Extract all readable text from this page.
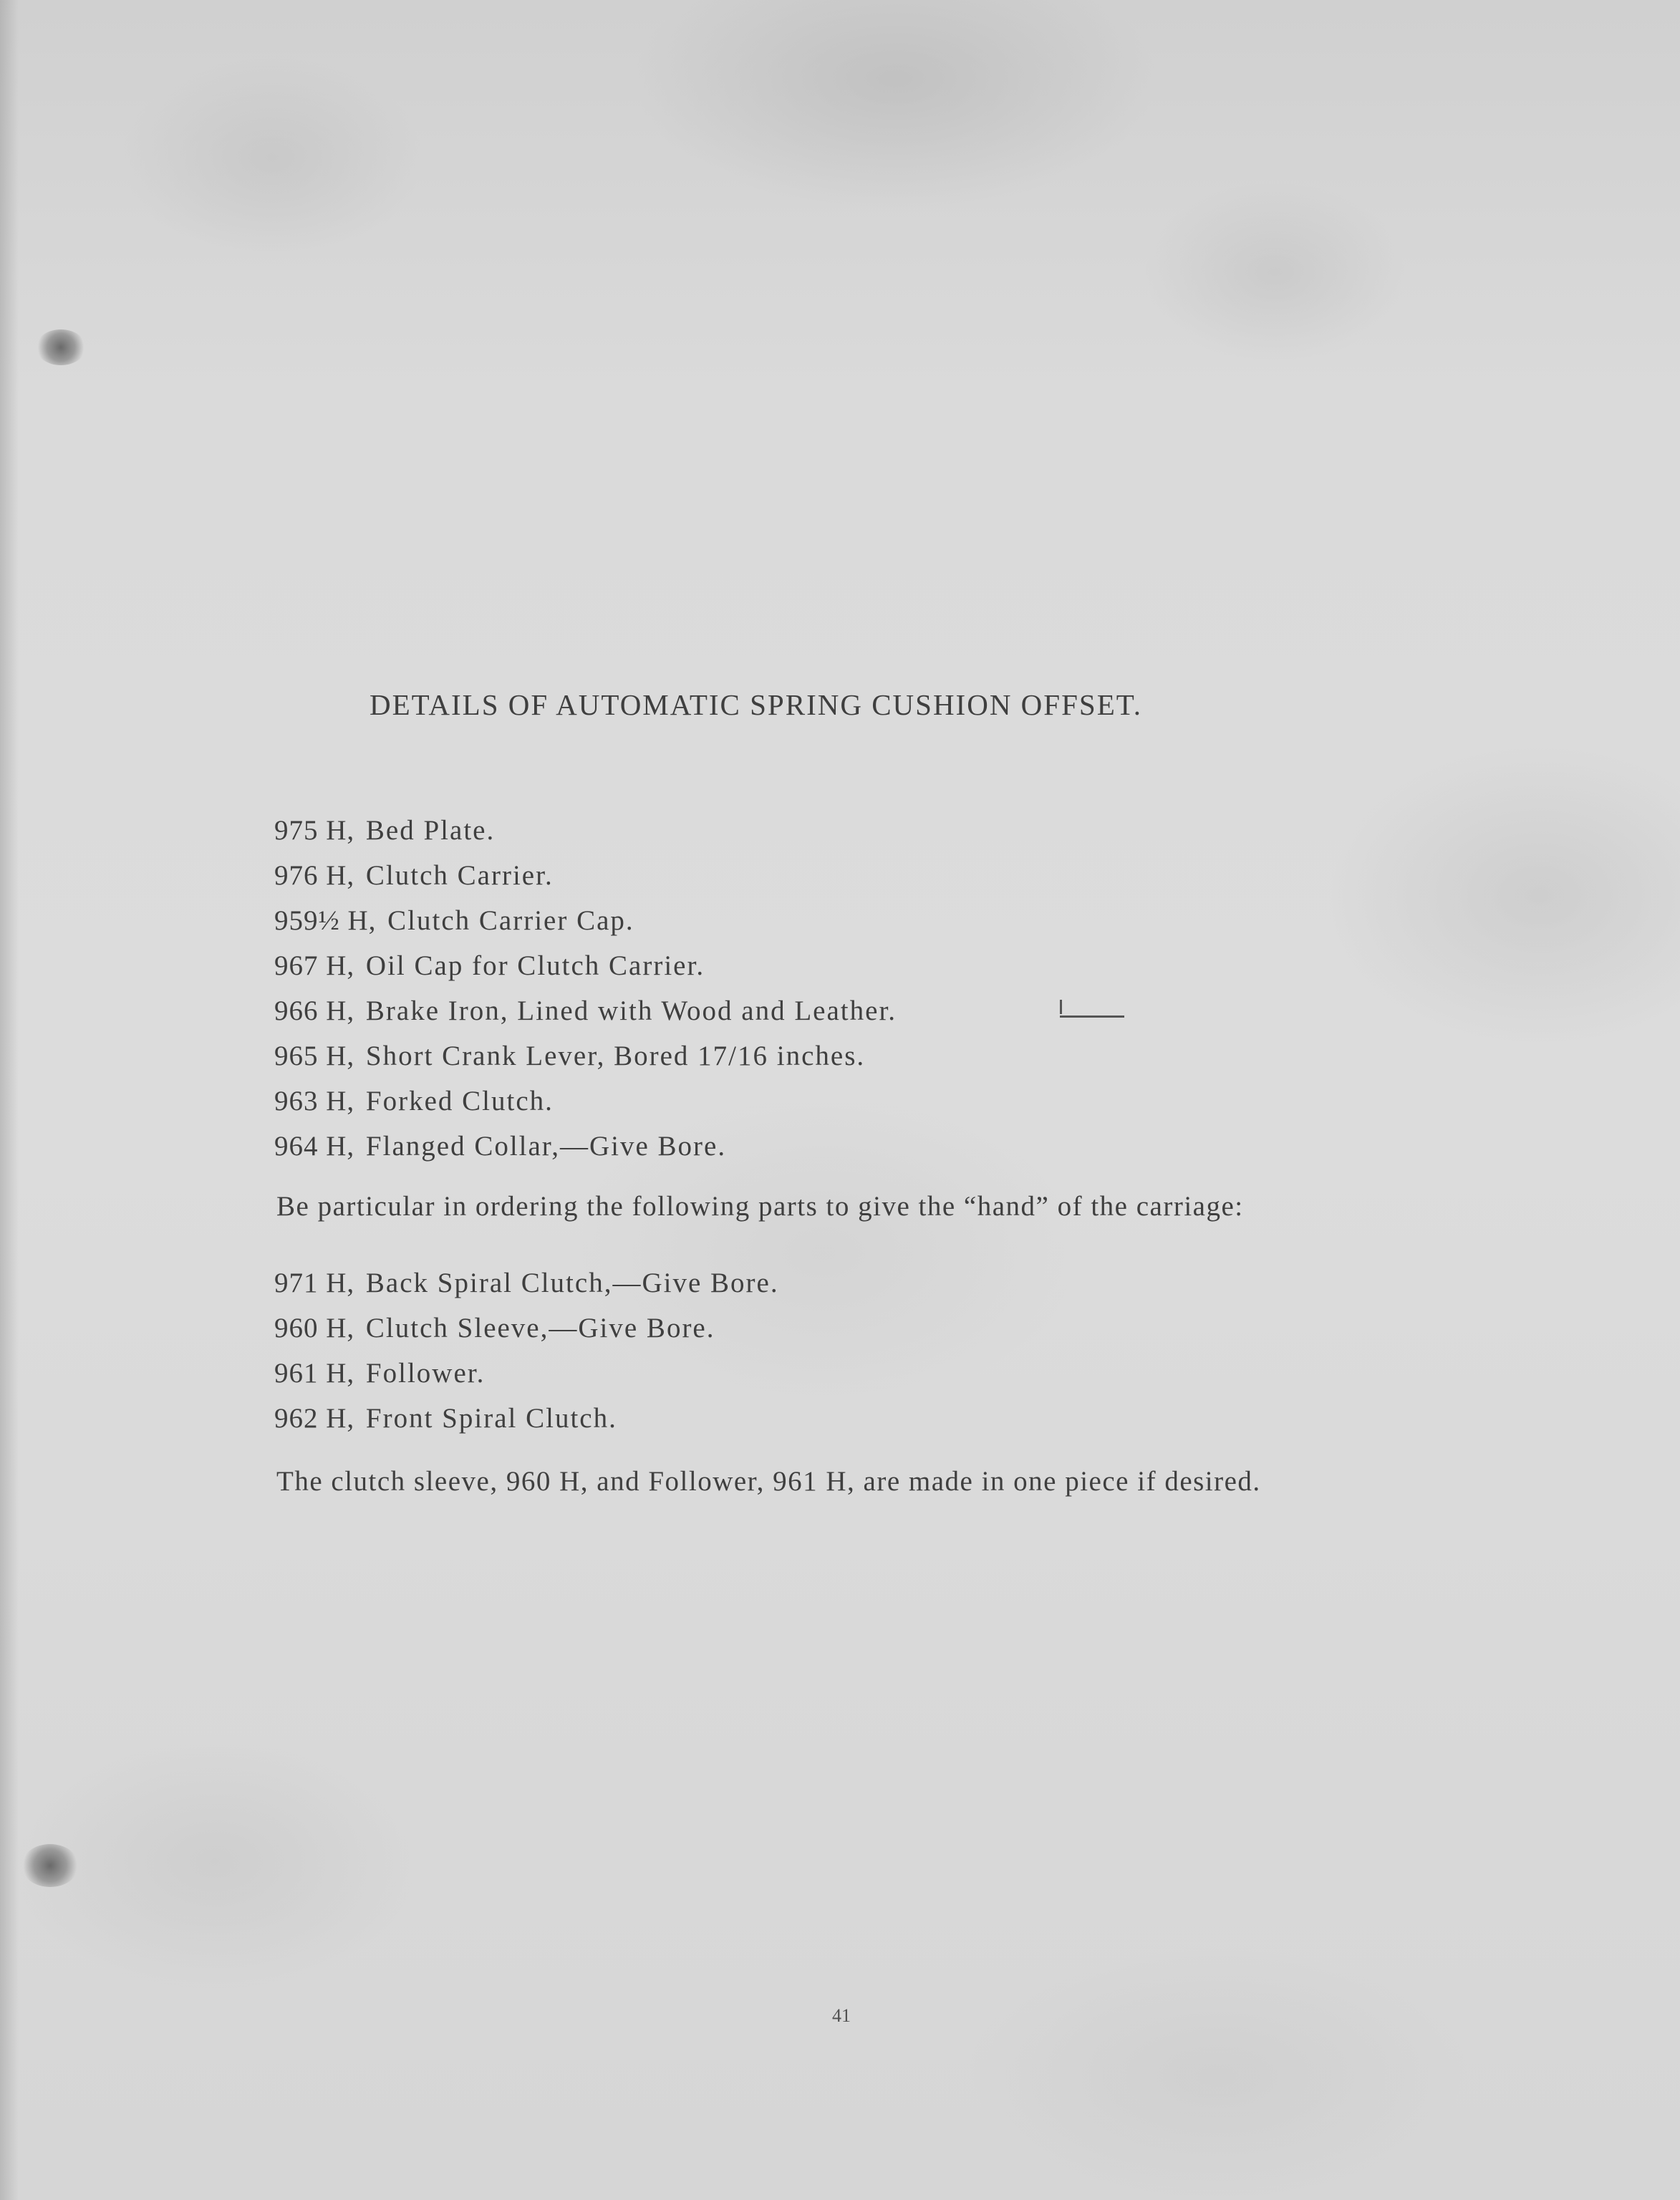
DETAILS OF AUTOMATIC SPRING CUSHION OFFSET.
975 H, Bed Plate.
976 H, Clutch Carrier.
959½ H, Clutch Carrier Cap.
967 H, Oil Cap for Clutch Carrier.
966 H, Brake Iron, Lined with Wood and Leather.
965 H, Short Crank Lever, Bored 17/16 inches.
963 H, Forked Clutch.
964 H, Flanged Collar,—Give Bore.
Be particular in ordering the following parts to give the “hand” of the carriage:
971 H, Back Spiral Clutch,—Give Bore.
960 H, Clutch Sleeve,—Give Bore.
961 H, Follower.
962 H, Front Spiral Clutch.
The clutch sleeve, 960 H, and Follower, 961 H, are made in one piece if desired.
41
